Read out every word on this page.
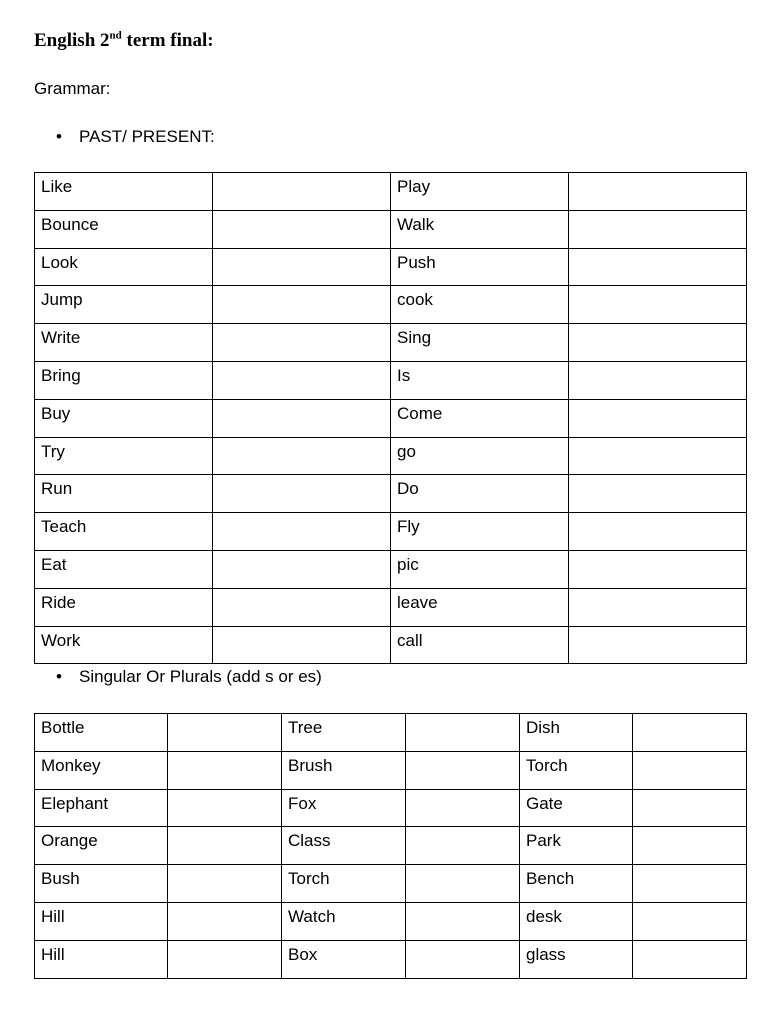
English 2nd term final:
Grammar:
• PAST/ PRESENT:
Like		Play	

Bounce		Walk	

Look		Push	

Jump		cook	

Write		Sing	

Bring		Is	

Buy		Come	

Try		go	

Run		Do	

Teach		Fly	

Eat		pic	

Ride		leave	

Work		call	

• Singular Or Plurals (add s or es)
Bottle		Tree		Dish	

Monkey		Brush		Torch	

Elephant		Fox		Gate	

Orange		Class		Park	

Bush		Torch		Bench	

Hill		Watch		desk	

Hill		Box		glass	
